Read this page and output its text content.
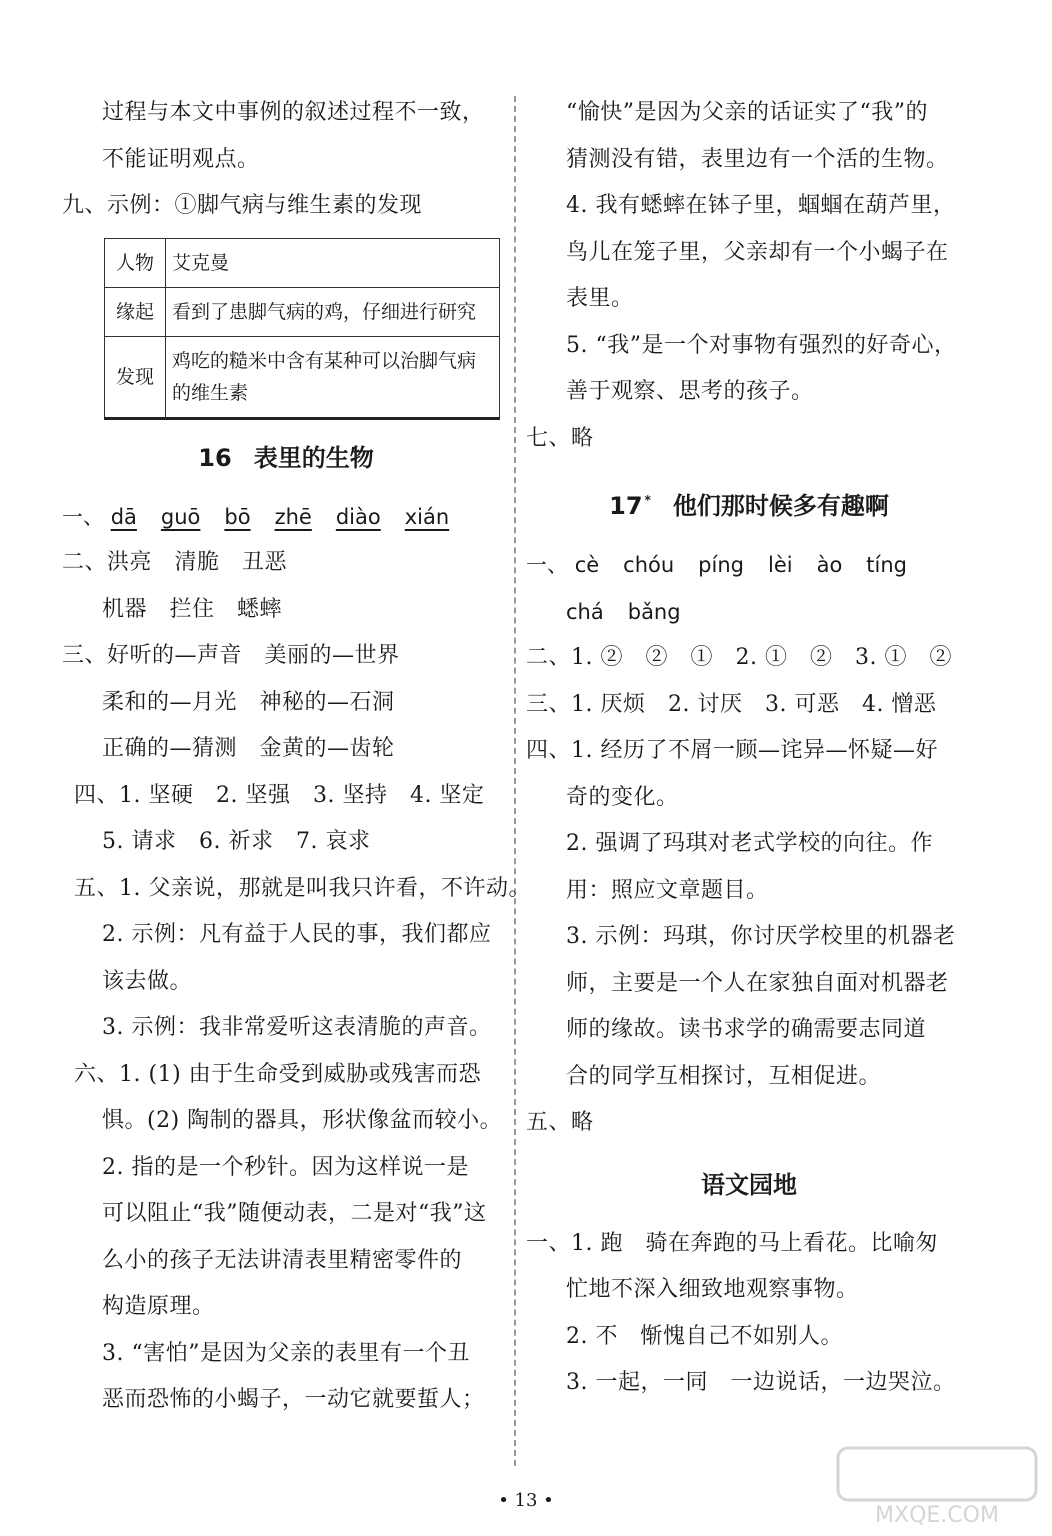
过程与本文中事例的叙述过程不一致，
不能证明观点。
九、示例：①脚气病与维生素的发现
人物	艾克曼
缘起	看到了患脚气病的鸡，仔细进行研究
发现	鸡吃的糙米中含有某种可以治脚气病的维生素
16 表里的生物
一、 dā guō bō zhē diào xián
二、洪亮　清脆　丑恶
机器　拦住　蟋蟀
三、好听的—声音　美丽的—世界
柔和的—月光　神秘的—石洞
正确的—猜测　金黄的—齿轮
四、1. 坚硬　2. 坚强　3. 坚持　4. 坚定
5. 请求　6. 祈求　7. 哀求
五、1. 父亲说，那就是叫我只许看，不许动。
2. 示例：凡有益于人民的事，我们都应
该去做。
3. 示例：我非常爱听这表清脆的声音。
六、1. (1) 由于生命受到威胁或残害而恐
惧。(2) 陶制的器具，形状像盆而较小。
2. 指的是一个秒针。因为这样说一是
可以阻止“我”随便动表，二是对“我”这
么小的孩子无法讲清表里精密零件的
构造原理。
3. “害怕”是因为父亲的表里有一个丑
恶而恐怖的小蝎子，一动它就要蜇人；
“愉快”是因为父亲的话证实了“我”的
猜测没有错，表里边有一个活的生物。
4. 我有蟋蟀在钵子里，蝈蝈在葫芦里，
鸟儿在笼子里，父亲却有一个小蝎子在
表里。
5. “我”是一个对事物有强烈的好奇心，
善于观察、思考的孩子。
七、略
17 * 他们那时候多有趣啊
一、 cè chóu píng lèi ào tíng
chá bǎng
二、1. ②　②　①　2. ①　②　3. ①　②
三、1. 厌烦　2. 讨厌　3. 可恶　4. 憎恶
四、1. 经历了不屑一顾—诧异—怀疑—好
奇的变化。
2. 强调了玛琪对老式学校的向往。作
用：照应文章题目。
3. 示例：玛琪，你讨厌学校里的机器老
师，主要是一个人在家独自面对机器老
师的缘故。读书求学的确需要志同道
合的同学互相探讨，互相促进。
五、略
语文园地
一、1. 跑　骑在奔跑的马上看花。比喻匆
忙地不深入细致地观察事物。
2. 不　惭愧自己不如别人。
3. 一起，一同　一边说话，一边哭泣。
• 13 •
MXQE.COM
